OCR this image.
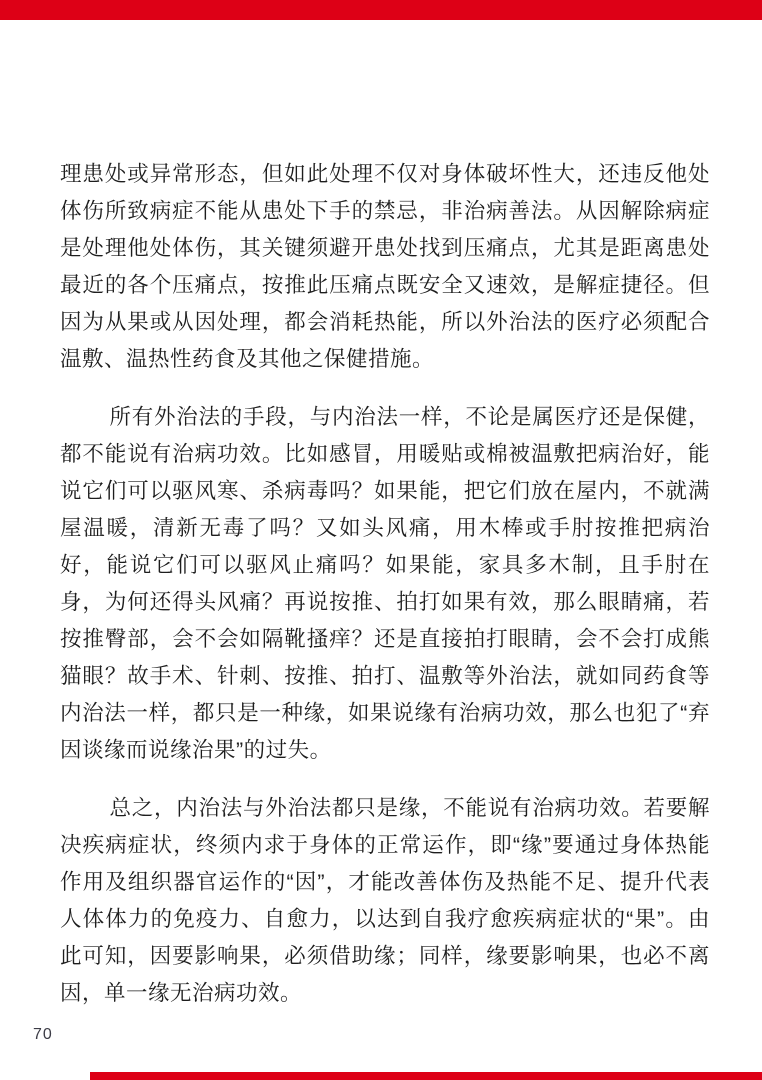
理患处或异常形态，但如此处理不仅对身体破坏性大，还违反他处体伤所致病症不能从患处下手的禁忌，非治病善法。从因解除病症是处理他处体伤，其关键须避开患处找到压痛点，尤其是距离患处最近的各个压痛点，按推此压痛点既安全又速效，是解症捷径。但因为从果或从因处理，都会消耗热能，所以外治法的医疗必须配合温敷、温热性药食及其他之保健措施。

所有外治法的手段，与内治法一样，不论是属医疗还是保健，都不能说有治病功效。比如感冒，用暖贴或棉被温敷把病治好，能说它们可以驱风寒、杀病毒吗？如果能，把它们放在屋内，不就满屋温暖，清新无毒了吗？又如头风痛，用木棒或手肘按推把病治好，能说它们可以驱风止痛吗？如果能，家具多木制，且手肘在身，为何还得头风痛？再说按推、拍打如果有效，那么眼睛痛，若按推臀部，会不会如隔靴搔痒？还是直接拍打眼睛，会不会打成熊猫眼？故手术、针刺、按推、拍打、温敷等外治法，就如同药食等内治法一样，都只是一种缘，如果说缘有治病功效，那么也犯了“弃因谈缘而说缘治果”的过失。

总之，内治法与外治法都只是缘，不能说有治病功效。若要解决疾病症状，终须内求于身体的正常运作，即“缘”要通过身体热能作用及组织器官运作的“因”，才能改善体伤及热能不足、提升代表人体体力的免疫力、自愈力，以达到自我疗愈疾病症状的“果”。由此可知，因要影响果，必须借助缘；同样，缘要影响果，也必不离因，单一缘无治病功效。

70
